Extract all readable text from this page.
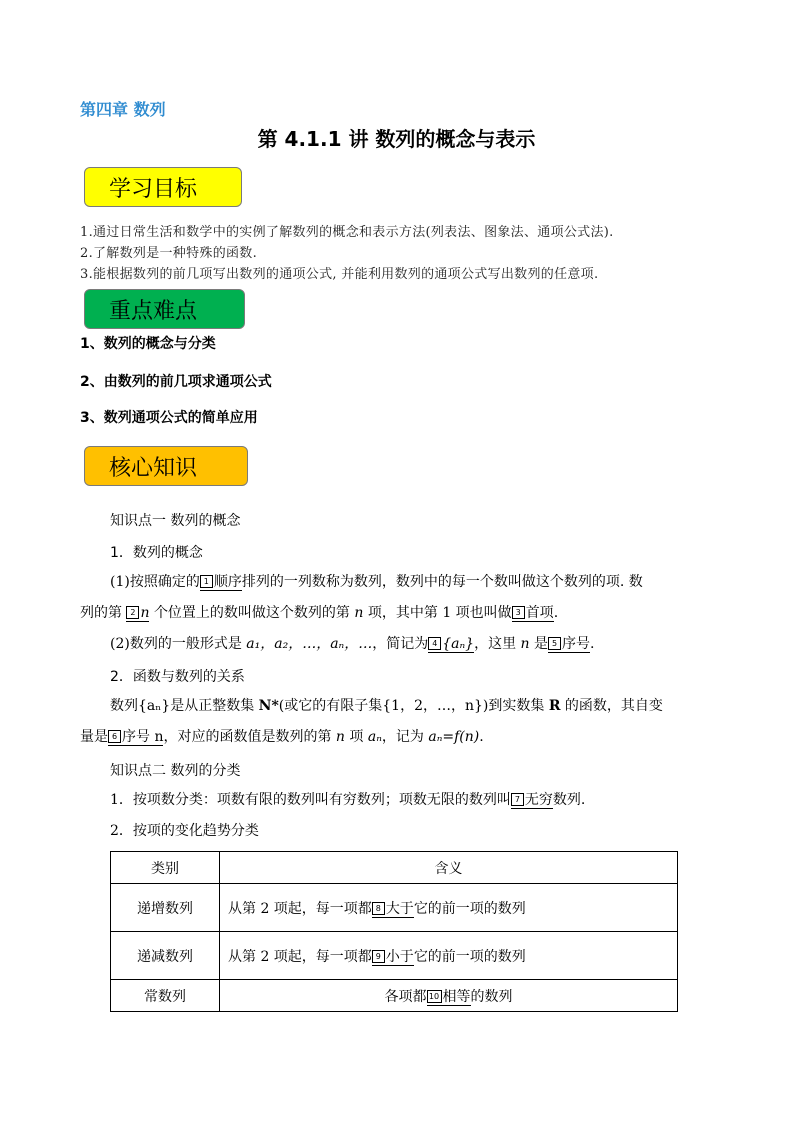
第四章 数列
第 4.1.1 讲 数列的概念与表示
学习目标
1.通过日常生活和数学中的实例了解数列的概念和表示方法(列表法、图象法、通项公式法).
2.了解数列是一种特殊的函数.
3.能根据数列的前几项写出数列的通项公式, 并能利用数列的通项公式写出数列的任意项.
重点难点
1、数列的概念与分类
2、由数列的前几项求通项公式
3、数列通项公式的简单应用
核心知识
知识点一 数列的概念
1．数列的概念
(1)按照确定的 1 顺序排列的一列数称为数列，数列中的每一个数叫做这个数列的项. 数
列的第 2 n 个位置上的数叫做这个数列的第 n 项，其中第 1 项也叫做 3 首项.
(2)数列的一般形式是 a₁，a₂，…，aₙ，…，简记为 4 {aₙ}，这里 n 是 5 序号.
2．函数与数列的关系
数列{aₙ}是从正整数集 N*(或它的有限子集{1，2，…，n})到实数集 R 的函数，其自变
量是 6 序号 n，对应的函数值是数列的第 n 项 aₙ，记为 aₙ=f(n).
知识点二 数列的分类
1．按项数分类：项数有限的数列叫有穷数列；项数无限的数列叫 7 无穷数列.
2．按项的变化趋势分类
类别	含义
递增数列	从第 2 项起，每一项都 8 大于它的前一项的数列
递减数列	从第 2 项起，每一项都 9 小于它的前一项的数列
常数列	各项都 10 相等的数列
